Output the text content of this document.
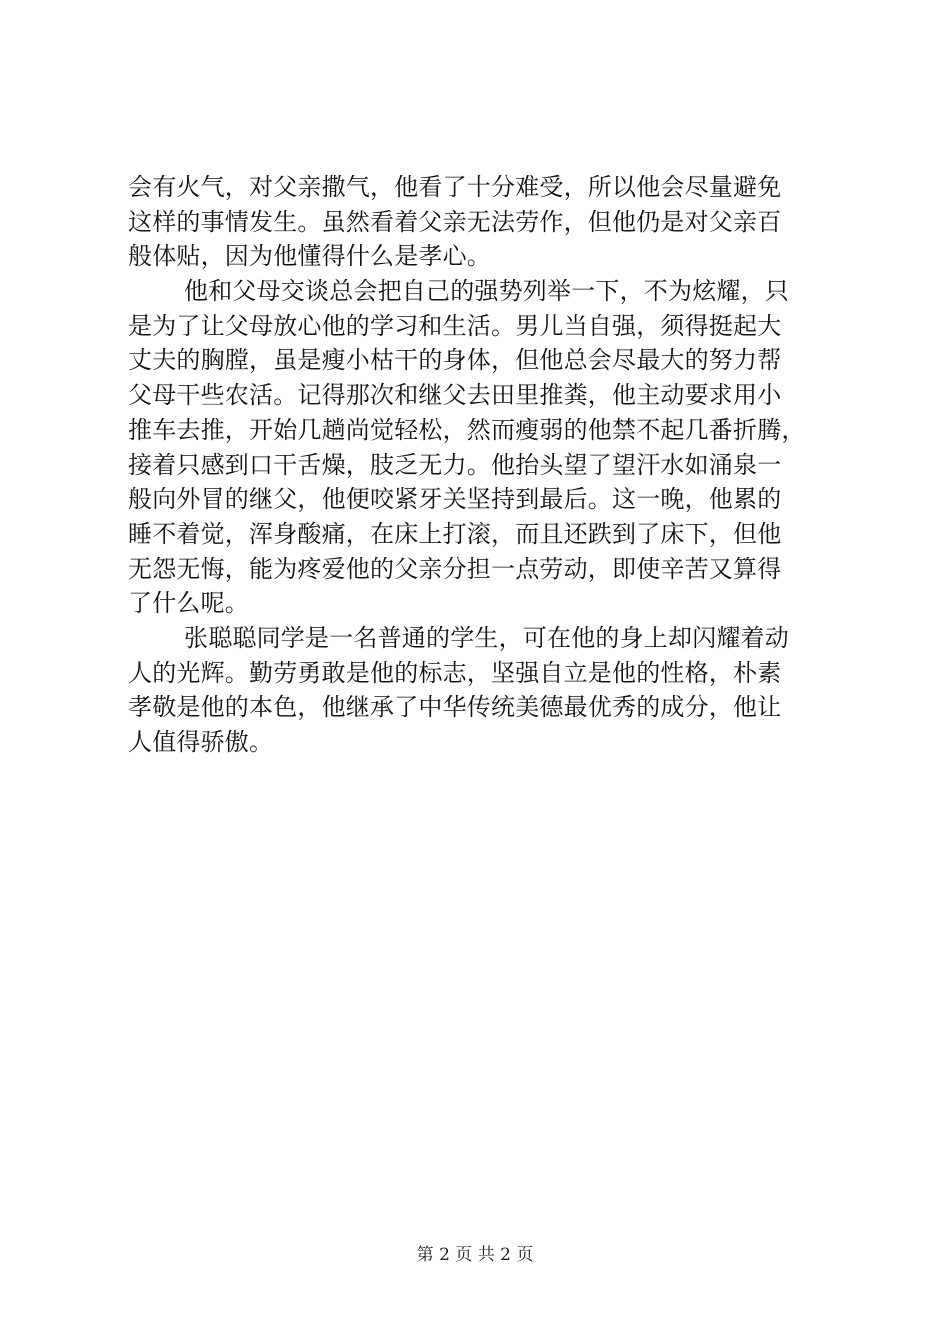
会有火气，对父亲撒气，他看了十分难受，所以他会尽量避免
这样的事情发生。虽然看着父亲无法劳作，但他仍是对父亲百
般体贴，因为他懂得什么是孝心。
他和父母交谈总会把自己的强势列举一下，不为炫耀，只
是为了让父母放心他的学习和生活。男儿当自强，须得挺起大
丈夫的胸膛，虽是瘦小枯干的身体，但他总会尽最大的努力帮
父母干些农活。记得那次和继父去田里推粪，他主动要求用小
推车去推，开始几趟尚觉轻松，然而瘦弱的他禁不起几番折腾，
接着只感到口干舌燥，肢乏无力。他抬头望了望汗水如涌泉一
般向外冒的继父，他便咬紧牙关坚持到最后。这一晚，他累的
睡不着觉，浑身酸痛，在床上打滚，而且还跌到了床下，但他
无怨无悔，能为疼爱他的父亲分担一点劳动，即使辛苦又算得
了什么呢。
张聪聪同学是一名普通的学生，可在他的身上却闪耀着动
人的光辉。勤劳勇敢是他的标志，坚强自立是他的性格，朴素
孝敬是他的本色，他继承了中华传统美德最优秀的成分，他让
人值得骄傲。
第 2 页 共 2 页
